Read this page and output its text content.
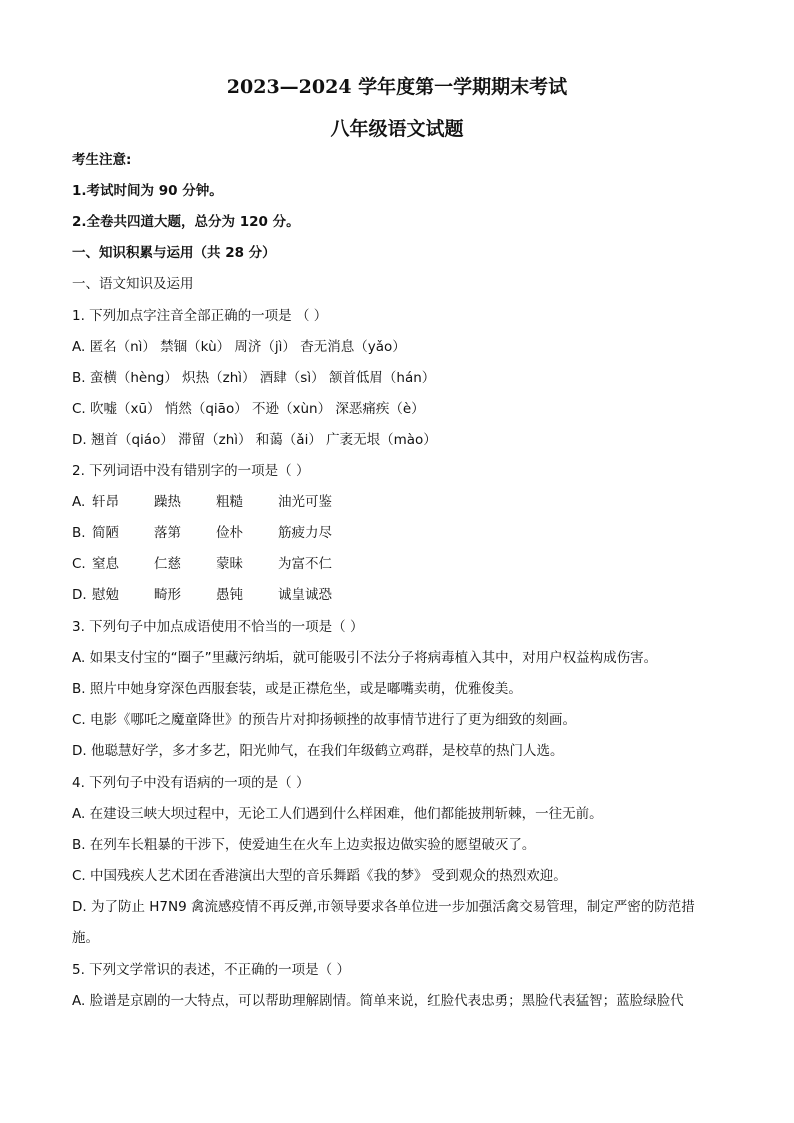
2023—2024 学年度第一学期期末考试
八年级语文试题
考生注意:
1.考试时间为 90 分钟。
2.全卷共四道大题，总分为 120 分。
一、知识积累与运用（共 28 分）
一、语文知识及运用
1. 下列加点字注音全部正确的一项是 （ ）
A. 匿名（nì） 禁锢（kù） 周济（jì） 杳无消息（yǎo）
B. 蛮横（hèng） 炽热（zhì） 酒肆（sì） 颔首低眉（hán）
C. 吹嘘（xū） 悄然（qiāo） 不逊（xùn） 深恶痛疾（è）
D. 翘首（qiáo） 滞留（zhì） 和蔼（ǎi） 广袤无垠（mào）
2. 下列词语中没有错别字的一项是（ ）
A. 轩昂	躁热	粗糙	油光可鉴
B. 简陋	落第	俭朴	筋疲力尽
C. 窒息	仁慈	蒙昧	为富不仁
D. 慰勉	畸形	愚钝	诚皇诚恐
3. 下列句子中加点成语使用不恰当的一项是（ ）
A. 如果支付宝的“圈子”里藏污纳垢，就可能吸引不法分子将病毒植入其中，对用户权益构成伤害。
B. 照片中她身穿深色西服套装，或是正襟危坐，或是嘟嘴卖萌，优雅俊美。
C. 电影《哪吒之魔童降世》的预告片对抑扬顿挫的故事情节进行了更为细致的刻画。
D. 他聪慧好学，多才多艺，阳光帅气，在我们年级鹤立鸡群，是校草的热门人选。
4. 下列句子中没有语病的一项的是（ ）
A. 在建设三峡大坝过程中，无论工人们遇到什么样困难，他们都能披荆斩棘，一往无前。
B. 在列车长粗暴的干涉下，使爱迪生在火车上边卖报边做实验的愿望破灭了。
C. 中国残疾人艺术团在香港演出大型的音乐舞蹈《我的梦》 受到观众的热烈欢迎。
D. 为了防止 H7N9 禽流感疫情不再反弹,市领导要求各单位进一步加强活禽交易管理，制定严密的防范措
施。
5. 下列文学常识的表述，不正确的一项是（ ）
A. 脸谱是京剧的一大特点，可以帮助理解剧情。简单来说，红脸代表忠勇；黑脸代表猛智；蓝脸绿脸代
